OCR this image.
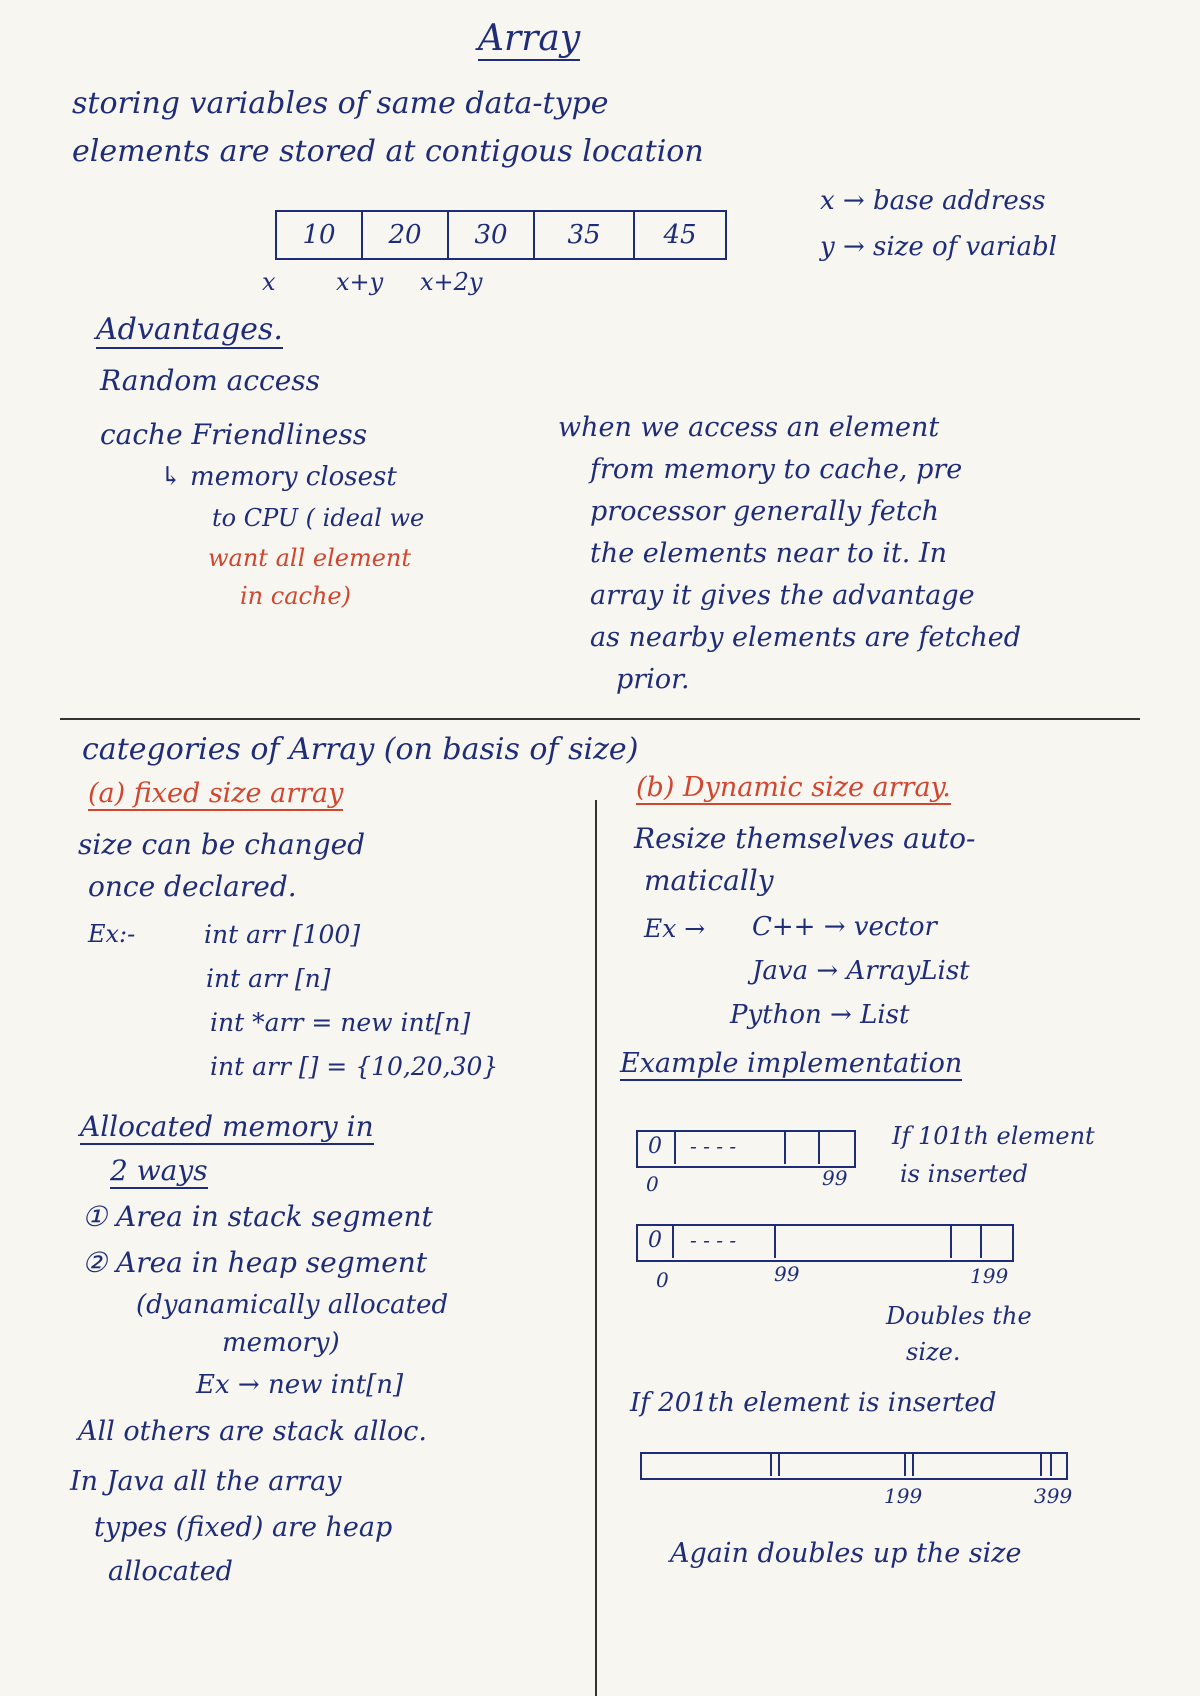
Array
storing variables of same data-type
elements are stored at contigous location
10	20	30	35	45
x	x+y x+2y
x → base address
y → size of variabl
Advantages.
Random access
cache Friendliness
↳ memory closest
to CPU ( ideal we
want all element
in cache)
when we access an element
from memory to cache, pre
processor generally fetch
the elements near to it. In
array it gives the advantage
as nearby elements are fetched
prior.
categories of Array (on basis of size)
(a) fixed size array	(b) Dynamic size array.
size can be changed
once declared.
Ex:-	int arr [100]
int arr [n]
int *arr = new int[n]
int arr [] = {10,20,30}
Allocated memory in
2 ways
① Area in stack segment
② Area in heap segment
(dyanamically allocated
memory)
Ex → new int[n]
All others are stack alloc.
In Java all the array
types (fixed) are heap
allocated
Resize themselves auto-
matically
Ex → C++ → vector
Java → ArrayList
Python → List
Example implementation
0 - - - -
0	99
If 101th element
is inserted
0 - - - -
0	99	199
Doubles the
size.
If 201th element is inserted
199	399
Again doubles up the size
